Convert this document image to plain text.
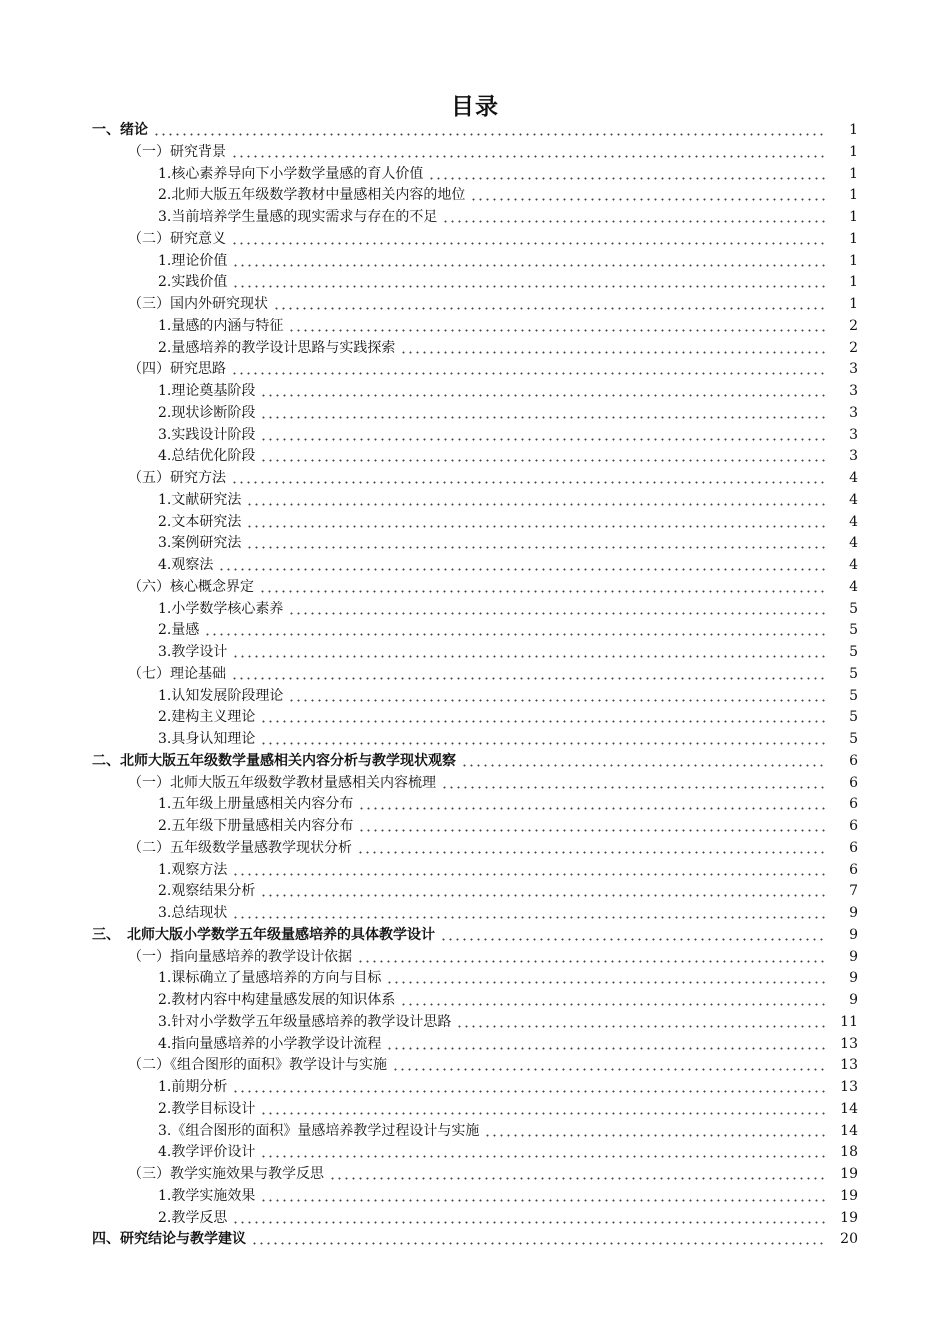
目录
一、绪论	1
（一）研究背景	1
1.核心素养导向下小学数学量感的育人价值	1
2.北师大版五年级数学教材中量感相关内容的地位	1
3.当前培养学生量感的现实需求与存在的不足	1
（二）研究意义	1
1.理论价值	1
2.实践价值	1
（三）国内外研究现状	1
1.量感的内涵与特征	2
2.量感培养的教学设计思路与实践探索	2
（四）研究思路	3
1.理论奠基阶段	3
2.现状诊断阶段	3
3.实践设计阶段	3
4.总结优化阶段	3
（五）研究方法	4
1.文献研究法	4
2.文本研究法	4
3.案例研究法	4
4.观察法	4
（六）核心概念界定	4
1.小学数学核心素养	5
2.量感	5
3.教学设计	5
（七）理论基础	5
1.认知发展阶段理论	5
2.建构主义理论	5
3.具身认知理论	5
二、北师大版五年级数学量感相关内容分析与教学现状观察	6
（一）北师大版五年级数学教材量感相关内容梳理	6
1.五年级上册量感相关内容分布	6
2.五年级下册量感相关内容分布	6
（二）五年级数学量感教学现状分析	6
1.观察方法	6
2.观察结果分析	7
3.总结现状	9
三、　北师大版小学数学五年级量感培养的具体教学设计	9
（一）指向量感培养的教学设计依据	9
1.课标确立了量感培养的方向与目标	9
2.教材内容中构建量感发展的知识体系	9
3.针对小学数学五年级量感培养的教学设计思路	11
4.指向量感培养的小学教学设计流程	13
（二）《组合图形的面积》教学设计与实施	13
1.前期分析	13
2.教学目标设计	14
3.《组合图形的面积》量感培养教学过程设计与实施	14
4.教学评价设计	18
（三）教学实施效果与教学反思	19
1.教学实施效果	19
2.教学反思	19
四、研究结论与教学建议	20
